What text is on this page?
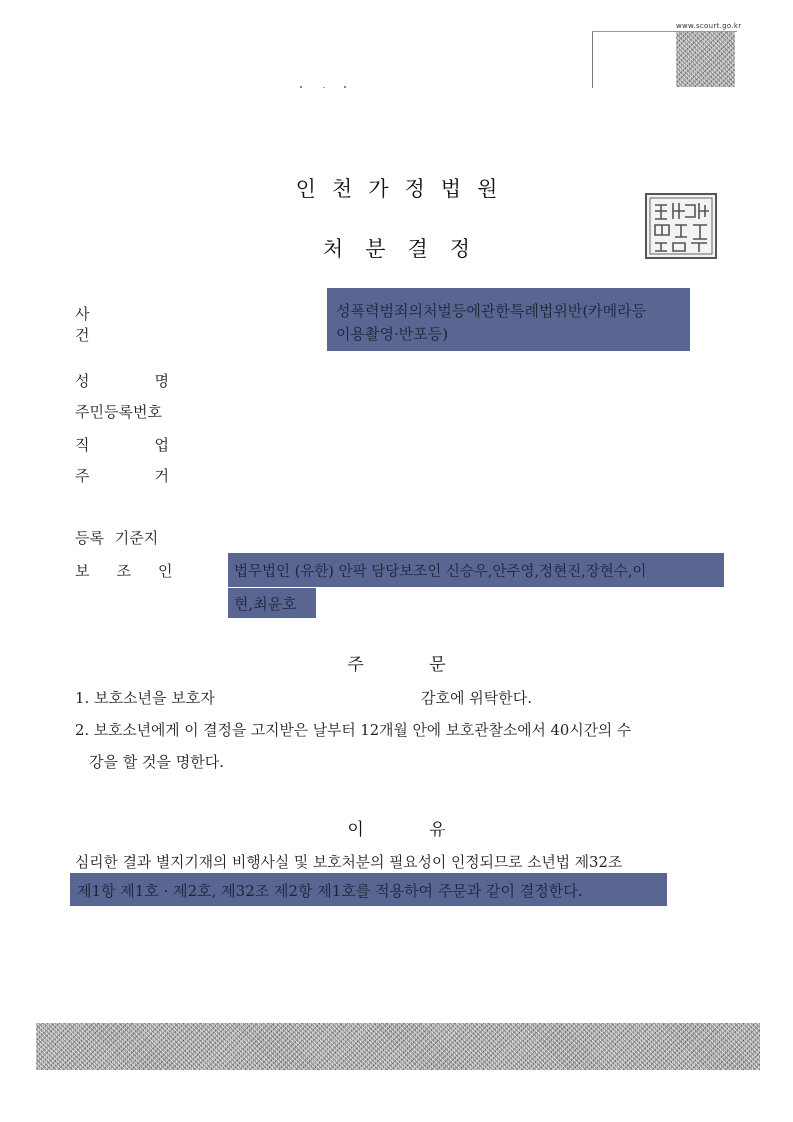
www.scourt.go.kr
인천가정법원
처분결정
사건
성폭력범죄의처벌등에관한특례법위반(카메라등
이용촬영·반포등)
성명
주민등록번호
직업
주거
등록 기준지
보조인 법무법인 (유한) 안팍 담당보조인 신승우,안주영,정현진,장현수,이
현,최윤호
주 문
1. 보호소년을 보호자	감호에 위탁한다.
2. 보호소년에게 이 결정을 고지받은 날부터 12개월 안에 보호관찰소에서 40시간의 수
강을 할 것을 명한다.
이 유
심리한 결과 별지기재의 비행사실 및 보호처분의 필요성이 인정되므로 소년법 제32조
제1항 제1호 · 제2호, 제32조 제2항 제1호를 적용하여 주문과 같이 결정한다.
